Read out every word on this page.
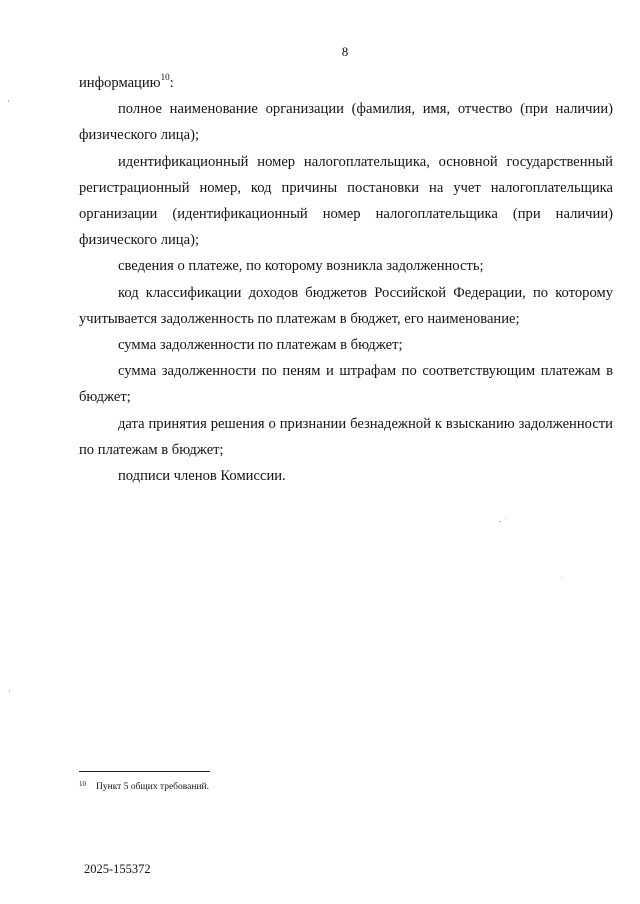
8

информацию$^{10}$:

полное наименование организации (фамилия, имя, отчество (при наличии) физического лица);

идентификационный номер налогоплательщика, основной государственный регистрационный номер, код причины постановки на учет налогоплательщика организации (идентификационный номер налогоплательщика (при наличии) физического лица);

сведения о платеже, по которому возникла задолженность;

код классификации доходов бюджетов Российской Федерации, по которому учитывается задолженность по платежам в бюджет, его наименование;

сумма задолженности по платежам в бюджет;

сумма задолженности по пеням и штрафам по соответствующим платежам в бюджет;

дата принятия решения о признании безнадежной к взысканию задолженности по платежам в бюджет;

подписи членов Комиссии.

10 Пункт 5 общих требований.
2025-155372
